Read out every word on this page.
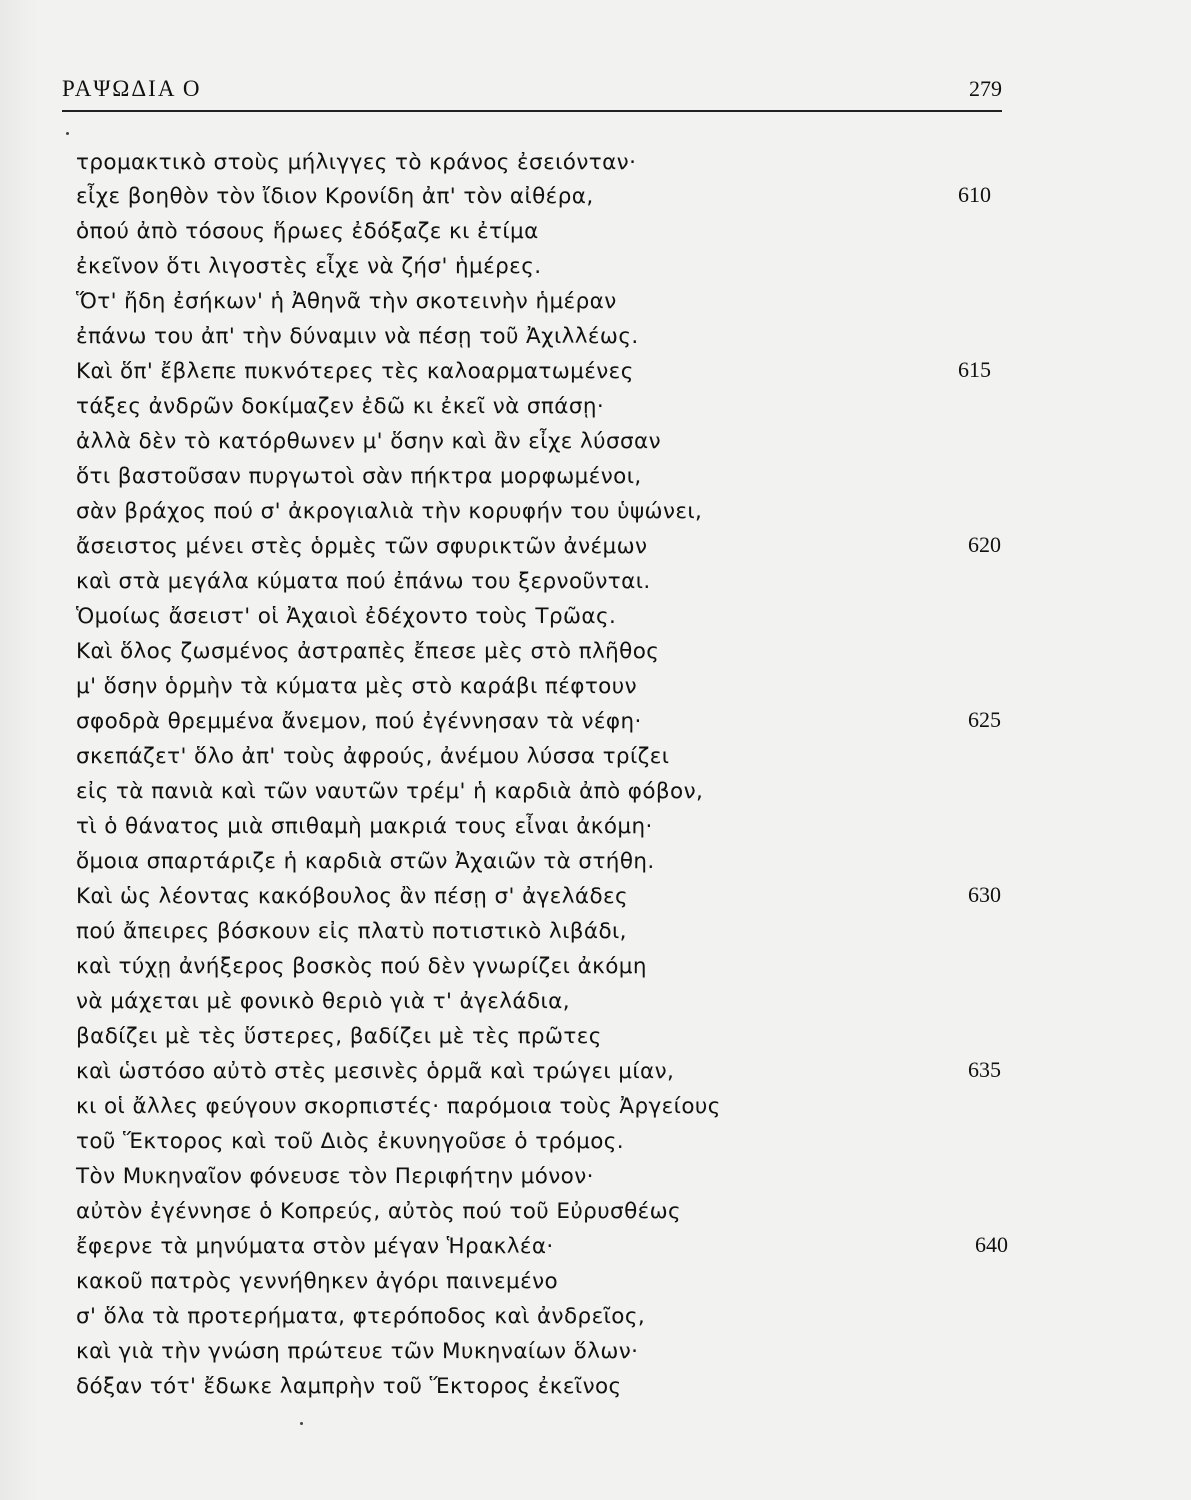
ΡΑΨΩΔΙΑ Ο	279
τρομακτικὸ στοὺς μήλιγγες τὸ κράνος ἐσειόνταν·
εἶχε βοηθὸν τὸν ἴδιον Κρονίδη ἀπ' τὸν αἰθέρα,
ὁπού ἀπὸ τόσους ἥρωες ἐδόξαζε κι ἐτίμα
ἐκεῖνον ὅτι λιγοστὲς εἶχε νὰ ζήσ' ἡμέρες.
Ὅτ' ἤδη ἐσήκων' ἡ Ἀθηνᾶ τὴν σκοτεινὴν ἡμέραν
ἐπάνω του ἀπ' τὴν δύναμιν νὰ πέσῃ τοῦ Ἀχιλλέως.
Καὶ ὅπ' ἔβλεπε πυκνότερες τὲς καλοαρματωμένες
τάξες ἀνδρῶν δοκίμαζεν ἐδῶ κι ἐκεῖ νὰ σπάσῃ·
ἀλλὰ δὲν τὸ κατόρθωνεν μ' ὅσην καὶ ἂν εἶχε λύσσαν
ὅτι βαστοῦσαν πυργωτοὶ σὰν πήκτρα μορφωμένοι,
σὰν βράχος πού σ' ἀκρογιαλιὰ τὴν κορυφήν του ὑψώνει,
ἄσειστος μένει στὲς ὁρμὲς τῶν σφυρικτῶν ἀνέμων
καὶ στὰ μεγάλα κύματα πού ἐπάνω του ξερνοῦνται.
Ὁμοίως ἄσειστ' οἱ Ἀχαιοὶ ἐδέχοντο τοὺς Τρῶας.
Καὶ ὅλος ζωσμένος ἀστραπὲς ἔπεσε μὲς στὸ πλῆθος
μ' ὅσην ὁρμὴν τὰ κύματα μὲς στὸ καράβι πέφτουν
σφοδρὰ θρεμμένα ἄνεμον, πού ἐγέννησαν τὰ νέφη·
σκεπάζετ' ὅλο ἀπ' τοὺς ἀφρούς, ἀνέμου λύσσα τρίζει
εἰς τὰ πανιὰ καὶ τῶν ναυτῶν τρέμ' ἡ καρδιὰ ἀπὸ φόβον,
τὶ ὁ θάνατος μιὰ σπιθαμὴ μακριά τους εἶναι ἀκόμη·
ὅμοια σπαρτάριζε ἡ καρδιὰ στῶν Ἀχαιῶν τὰ στήθη.
Καὶ ὡς λέοντας κακόβουλος ἂν πέσῃ σ' ἀγελάδες
πού ἄπειρες βόσκουν εἰς πλατὺ ποτιστικὸ λιβάδι,
καὶ τύχῃ ἀνήξερος βοσκὸς πού δὲν γνωρίζει ἀκόμη
νὰ μάχεται μὲ φονικὸ θεριὸ γιὰ τ' ἀγελάδια,
βαδίζει μὲ τὲς ὕστερες, βαδίζει μὲ τὲς πρῶτες
καὶ ὡστόσο αὐτὸ στὲς μεσινὲς ὁρμᾶ καὶ τρώγει μίαν,
κι οἱ ἄλλες φεύγουν σκορπιστές· παρόμοια τοὺς Ἀργείους
τοῦ Ἕκτορος καὶ τοῦ Διὸς ἐκυνηγοῦσε ὁ τρόμος.
Τὸν Μυκηναῖον φόνευσε τὸν Περιφήτην μόνον·
αὐτὸν ἐγέννησε ὁ Κοπρεύς, αὐτὸς πού τοῦ Εὐρυσθέως
ἔφερνε τὰ μηνύματα στὸν μέγαν Ἡρακλέα·
κακοῦ πατρὸς γεννήθηκεν ἀγόρι παινεμένο
σ' ὅλα τὰ προτερήματα, φτερόποδος καὶ ἀνδρεῖος,
καὶ γιὰ τὴν γνώση πρώτευε τῶν Μυκηναίων ὅλων·
δόξαν τότ' ἔδωκε λαμπρὴν τοῦ Ἕκτορος ἐκεῖνος
610
615
620
625
630
635
640
